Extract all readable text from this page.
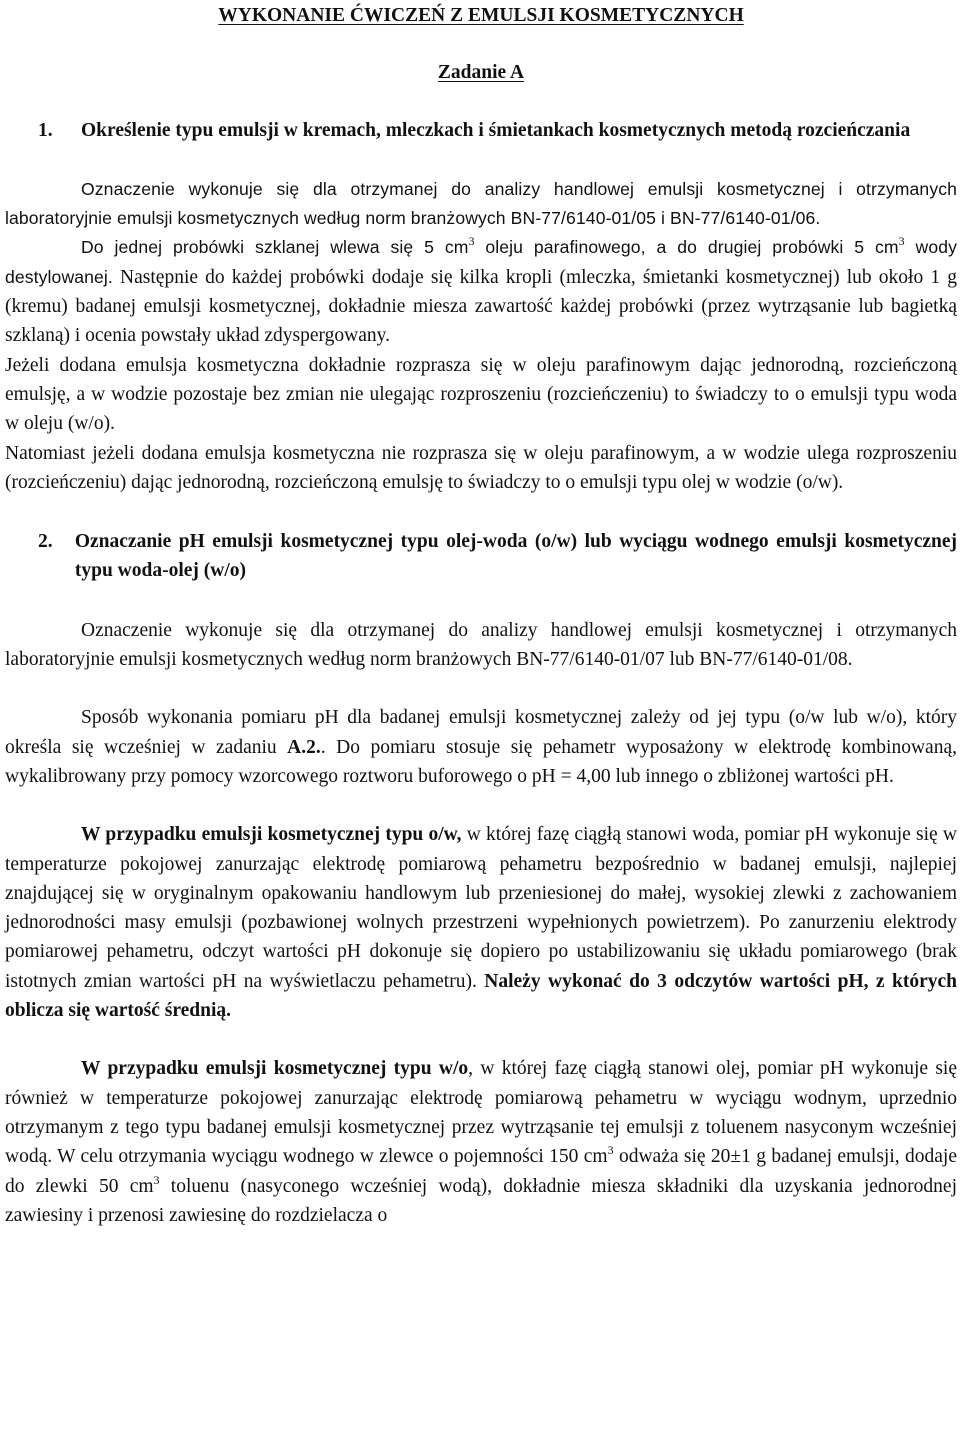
WYKONANIE ĆWICZEŃ Z EMULSJI KOSMETYCZNYCH
Zadanie A
1.	Określenie typu emulsji w kremach, mleczkach i śmietankach kosmetycznych metodą rozcieńczania

Oznaczenie wykonuje się dla otrzymanej do analizy handlowej emulsji kosmetycznej i otrzymanych laboratoryjnie emulsji kosmetycznych według norm branżowych BN-77/6140-01/05 i BN-77/6140-01/06.

Do jednej probówki szklanej wlewa się 5 $cm^3$ oleju parafinowego, a do drugiej probówki 5 $cm^3$ wody destylowanej. Następnie do każdej probówki dodaje się kilka kropli (mleczka, śmietanki kosmetycznej) lub około 1 g (kremu) badanej emulsji kosmetycznej, dokładnie miesza zawartość każdej probówki (przez wytrząsanie lub bagietką szklaną) i ocenia powstały układ zdyspergowany.

Jeżeli dodana emulsja kosmetyczna dokładnie rozprasza się w oleju parafinowym dając jednorodną, rozcieńczoną emulsję, a w wodzie pozostaje bez zmian nie ulegając rozproszeniu (rozcieńczeniu) to świadczy to o emulsji typu woda w oleju (w/o).

Natomiast jeżeli dodana emulsja kosmetyczna nie rozprasza się w oleju parafinowym, a w wodzie ulega rozproszeniu (rozcieńczeniu) dając jednorodną, rozcieńczoną emulsję to świadczy to o emulsji typu olej w wodzie (o/w).

2.	Oznaczanie pH emulsji kosmetycznej typu olej-woda (o/w) lub wyciągu wodnego emulsji kosmetycznej typu woda-olej (w/o)

Oznaczenie wykonuje się dla otrzymanej do analizy handlowej emulsji kosmetycznej i otrzymanych laboratoryjnie emulsji kosmetycznych według norm branżowych BN-77/6140-01/07 lub BN-77/6140-01/08.

Sposób wykonania pomiaru pH dla badanej emulsji kosmetycznej zależy od jej typu (o/w lub w/o), który określa się wcześniej w zadaniu A.2.. Do pomiaru stosuje się pehametr wyposażony w elektrodę kombinowaną, wykalibrowany przy pomocy wzorcowego roztworu buforowego o pH = 4,00 lub innego o zbliżonej wartości pH.

W przypadku emulsji kosmetycznej typu o/w, w której fazę ciągłą stanowi woda, pomiar pH wykonuje się w temperaturze pokojowej zanurzając elektrodę pomiarową pehametru bezpośrednio w badanej emulsji, najlepiej znajdującej się w oryginalnym opakowaniu handlowym lub przeniesionej do małej, wysokiej zlewki z zachowaniem jednorodności masy emulsji (pozbawionej wolnych przestrzeni wypełnionych powietrzem). Po zanurzeniu elektrody pomiarowej pehametru, odczyt wartości pH dokonuje się dopiero po ustabilizowaniu się układu pomiarowego (brak istotnych zmian wartości pH na wyświetlaczu pehametru). Należy wykonać do 3 odczytów wartości pH, z których oblicza się wartość średnią.

W przypadku emulsji kosmetycznej typu w/o, w której fazę ciągłą stanowi olej, pomiar pH wykonuje się również w temperaturze pokojowej zanurzając elektrodę pomiarową pehametru w wyciągu wodnym, uprzednio otrzymanym z tego typu badanej emulsji kosmetycznej przez wytrząsanie tej emulsji z toluenem nasyconym wcześniej wodą. W celu otrzymania wyciągu wodnego w zlewce o pojemności 150 $cm^3$ odważa się 20±1 g badanej emulsji, dodaje do zlewki 50 $cm^3$ toluenu (nasyconego wcześniej wodą), dokładnie miesza składniki dla uzyskania jednorodnej zawiesiny i przenosi zawiesinę do rozdzielacza o
